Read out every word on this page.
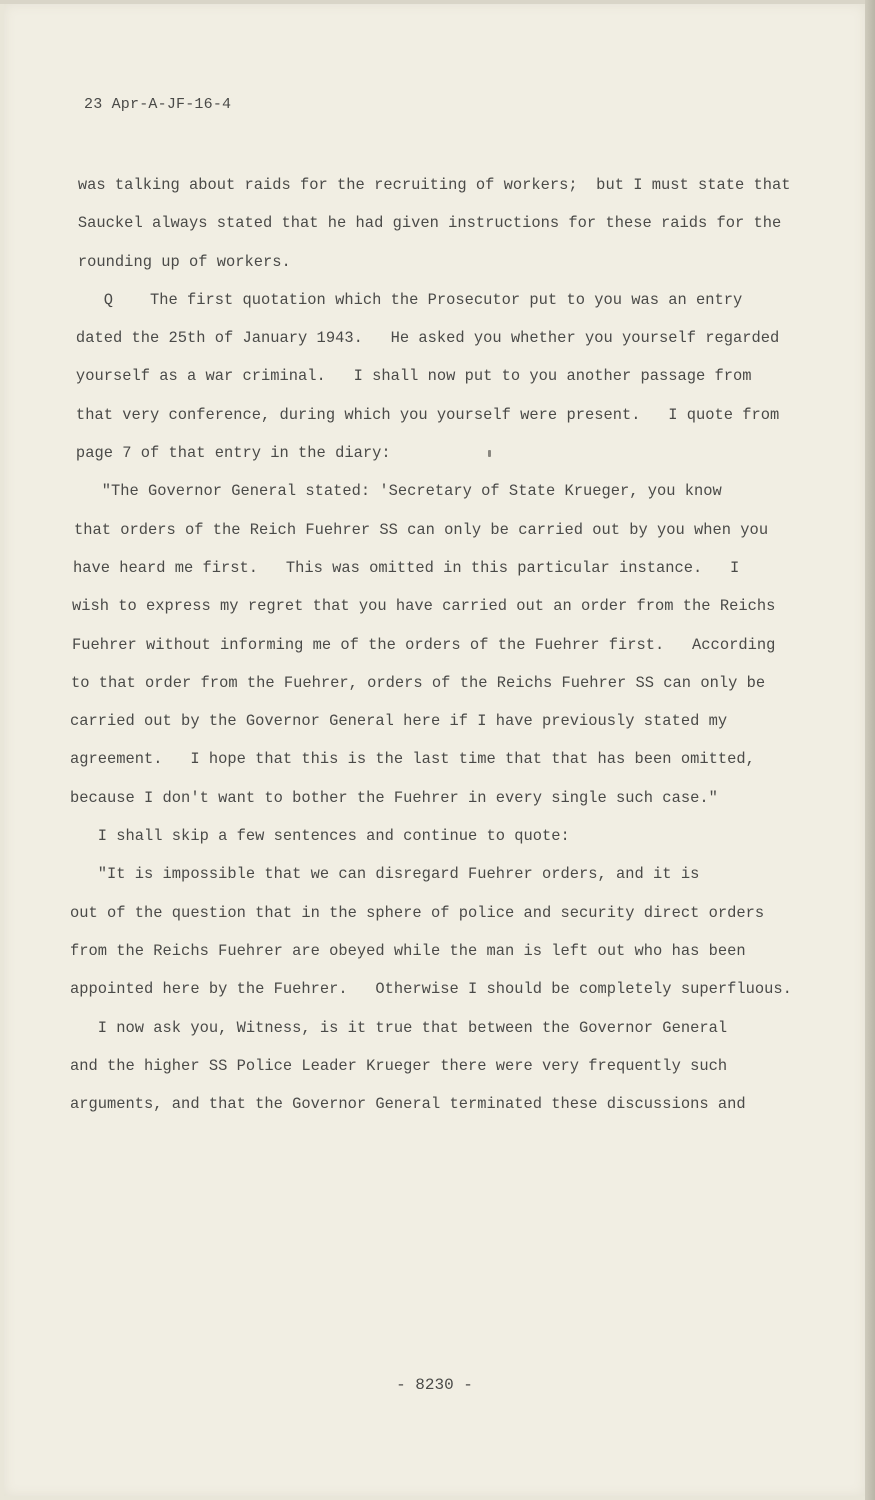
23 Apr-A-JF-16-4
was talking about raids for the recruiting of workers;  but I must state that
Sauckel always stated that he had given instructions for these raids for the
rounding up of workers.
Q    The first quotation which the Prosecutor put to you was an entry
dated the 25th of January 1943.   He asked you whether you yourself regarded
yourself as a war criminal.   I shall now put to you another passage from
that very conference, during which you yourself were present.   I quote from
page 7 of that entry in the diary:
"The Governor General stated: 'Secretary of State Krueger, you know
that orders of the Reich Fuehrer SS can only be carried out by you when you
have heard me first.   This was omitted in this particular instance.   I
wish to express my regret that you have carried out an order from the Reichs
Fuehrer without informing me of the orders of the Fuehrer first.   According
to that order from the Fuehrer, orders of the Reichs Fuehrer SS can only be
carried out by the Governor General here if I have previously stated my
agreement.   I hope that this is the last time that that has been omitted,
because I don't want to bother the Fuehrer in every single such case."
I shall skip a few sentences and continue to quote:
"It is impossible that we can disregard Fuehrer orders, and it is
out of the question that in the sphere of police and security direct orders
from the Reichs Fuehrer are obeyed while the man is left out who has been
appointed here by the Fuehrer.   Otherwise I should be completely superfluous.
I now ask you, Witness, is it true that between the Governor General
and the higher SS Police Leader Krueger there were very frequently such
arguments, and that the Governor General terminated these discussions and
- 8230 -
